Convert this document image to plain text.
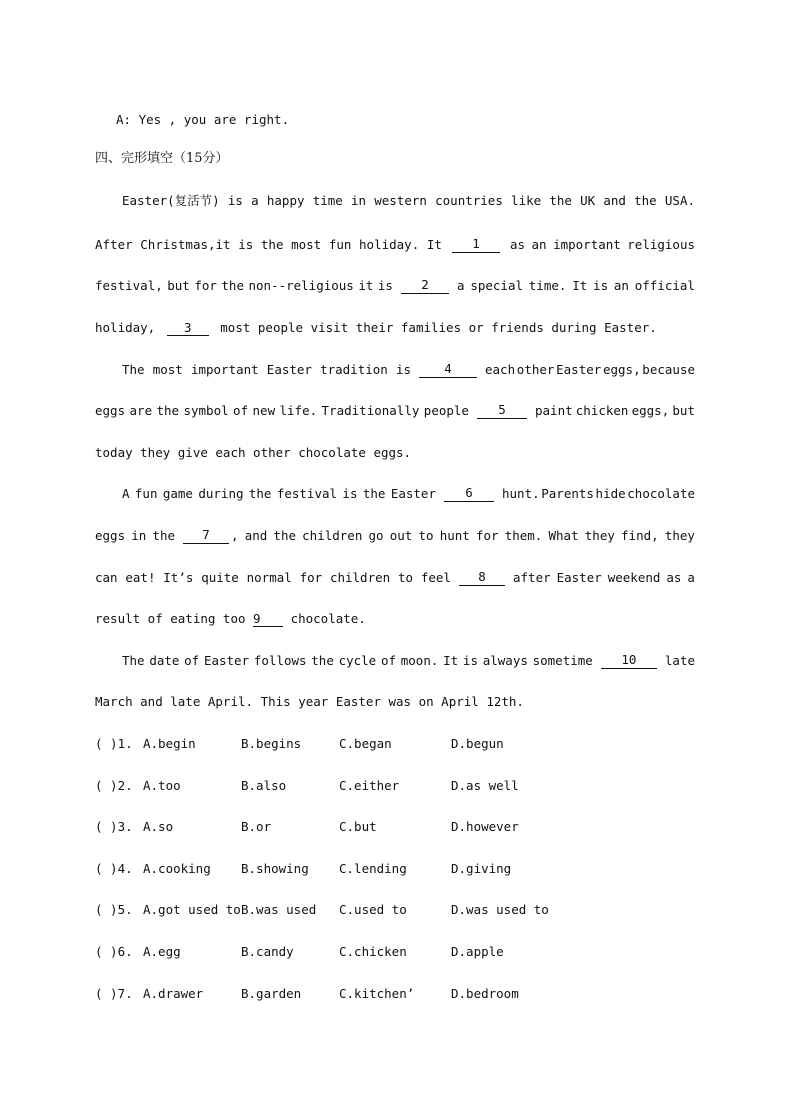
A: Yes , you are right.
四、完形填空（15分）
Easter(复活节) is a happy time in western countries like the UK and the USA.
After Christmas,it is the most fun holiday. It	1	as an important religious
festival, but for the non--religious it is	2	a special time. It is an official
holiday, 3 most people visit their families or friends during Easter.
The most important Easter tradition is	4	each other Easter eggs, because
eggs are the symbol of new life. Traditionally people	5	paint chicken eggs, but
today they give each other chocolate eggs.
A fun game during the festival is the Easter	6	hunt. Parents hide chocolate
eggs in the	7	, and the children go out to hunt for them. What they find, they
can eat! It’s quite normal for children to feel	8	after Easter weekend as a
result of eating too 9 chocolate.
The date of Easter follows the cycle of moon. It is always sometime	10	late
March and late April. This year Easter was on April 12th.
( )1. A.begin	B.begins	C.began	D.begun
( )2. A.too	B.also	C.either	D.as well
( )3. A.so	B.or	C.but	D.however
( )4. A.cooking B.showing C.lending	D.giving
( )5. A.got used to B.was used C.used to	D.was used to
( )6. A.egg	B.candy	C.chicken	D.apple
( )7. A.drawer	B.garden	C.kitchen’	D.bedroom
